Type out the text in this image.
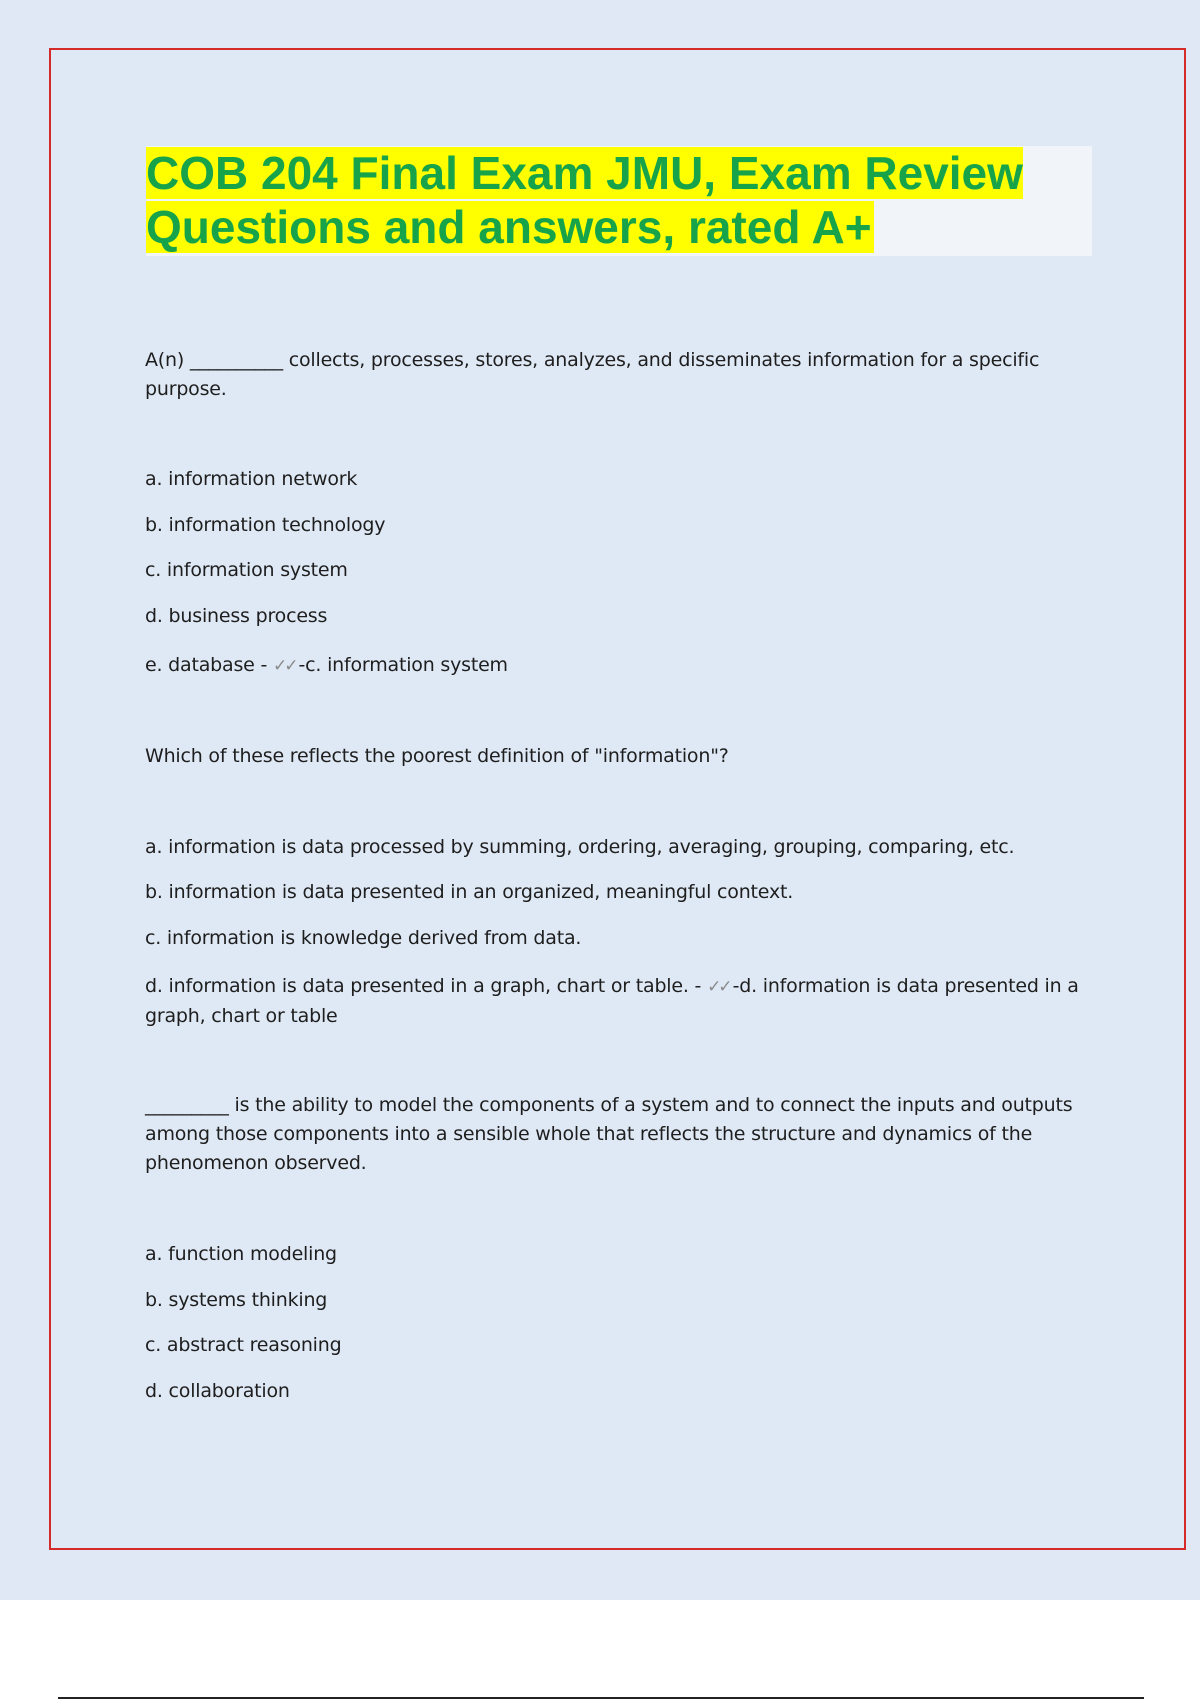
COB 204 Final Exam JMU, Exam Review Questions and answers, rated A+

A(n) __________ collects, processes, stores, analyzes, and disseminates information for a specific purpose.

a. information network

b. information technology

c. information system

d. business process

e. database - ✓✓ -c. information system

Which of these reflects the poorest definition of "information"?

a. information is data processed by summing, ordering, averaging, grouping, comparing, etc.

b. information is data presented in an organized, meaningful context.

c. information is knowledge derived from data.

d. information is data presented in a graph, chart or table. - ✓✓ -d. information is data presented in a graph, chart or table

_________ is the ability to model the components of a system and to connect the inputs and outputs among those components into a sensible whole that reflects the structure and dynamics of the phenomenon observed.

a. function modeling

b. systems thinking

c. abstract reasoning

d. collaboration
